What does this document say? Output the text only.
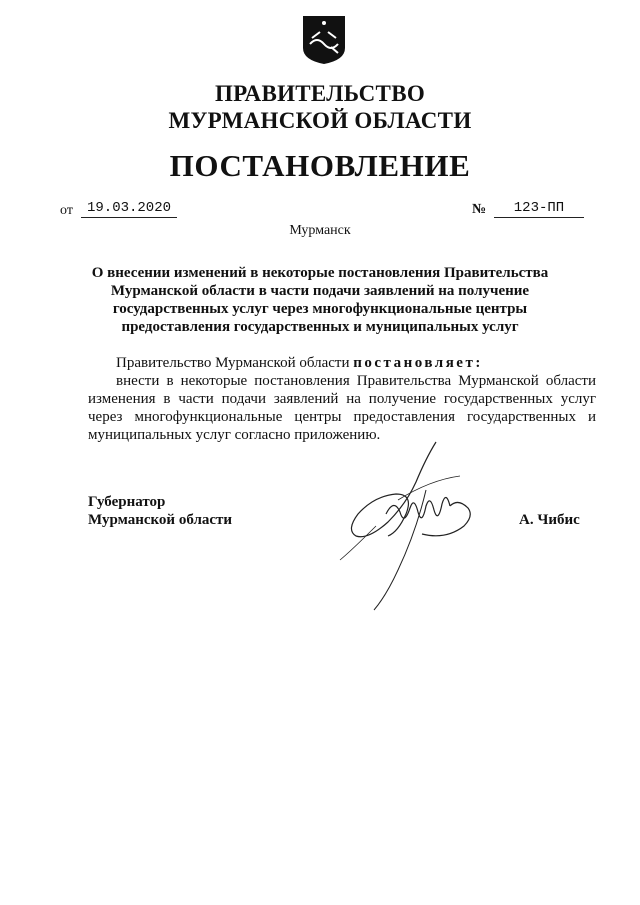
ПРАВИТЕЛЬСТВО
МУРМАНСКОЙ ОБЛАСТИ
ПОСТАНОВЛЕНИЕ
от	19.03.2020	№	123-ПП
Мурманск
О внесении изменений в некоторые постановления Правительства
Мурманской области в части подачи заявлений на получение
государственных услуг через многофункциональные центры
предоставления государственных и муниципальных услуг
Правительство Мурманской области постановляет:
внести в некоторые постановления Правительства Мурманской области изменения в части подачи заявлений на получение государственных услуг через многофункциональные центры предоставления государственных и муниципальных услуг согласно приложению.
Губернатор
Мурманской области	А. Чибис
